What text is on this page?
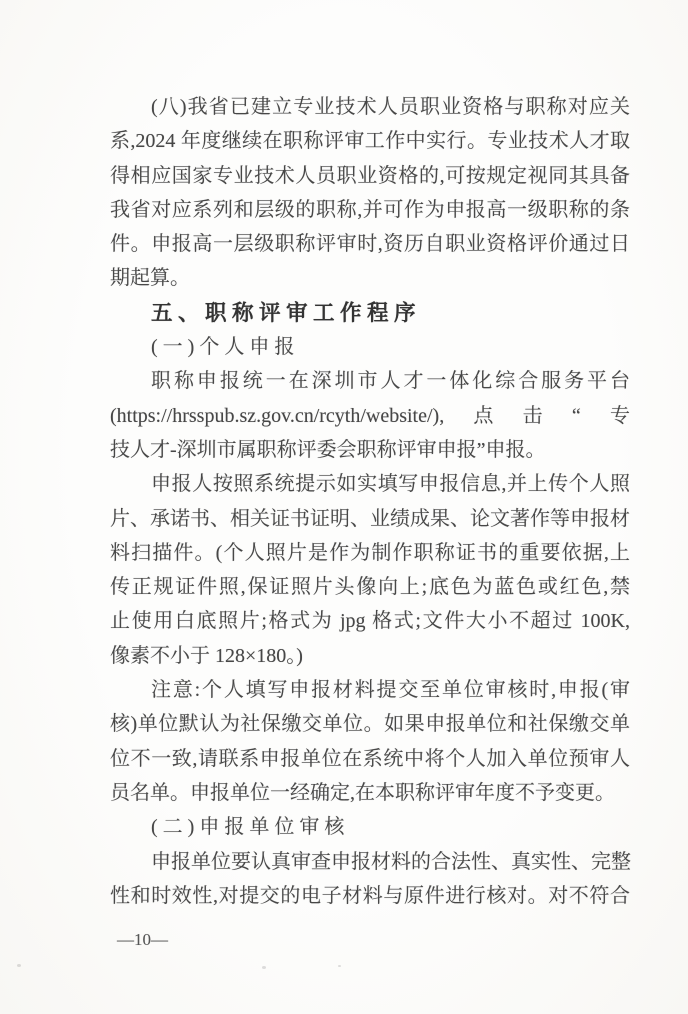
(八)我省已建立专业技术人员职业资格与职称对应关
系,2024 年度继续在职称评审工作中实行。专业技术人才取
得相应国家专业技术人员职业资格的,可按规定视同其具备
我省对应系列和层级的职称,并可作为申报高一级职称的条
件。申报高一层级职称评审时,资历自职业资格评价通过日
期起算。
五、职称评审工作程序
(一)个人申报
职称申报统一在深圳市人才一体化综合服务平台
(https://hrsspub.sz.gov.cn/rcyth/website/),点击“专
技人才-深圳市属职称评委会职称评审申报”申报。
申报人按照系统提示如实填写申报信息,并上传个人照
片、承诺书、相关证书证明、业绩成果、论文著作等申报材
料扫描件。(个人照片是作为制作职称证书的重要依据,上
传正规证件照,保证照片头像向上;底色为蓝色或红色,禁
止使用白底照片;格式为 jpg 格式;文件大小不超过 100K,
像素不小于 128×180。)
注意:个人填写申报材料提交至单位审核时,申报(审
核)单位默认为社保缴交单位。如果申报单位和社保缴交单
位不一致,请联系申报单位在系统中将个人加入单位预审人
员名单。申报单位一经确定,在本职称评审年度不予变更。
(二)申报单位审核
申报单位要认真审查申报材料的合法性、真实性、完整
性和时效性,对提交的电子材料与原件进行核对。对不符合
—10—
